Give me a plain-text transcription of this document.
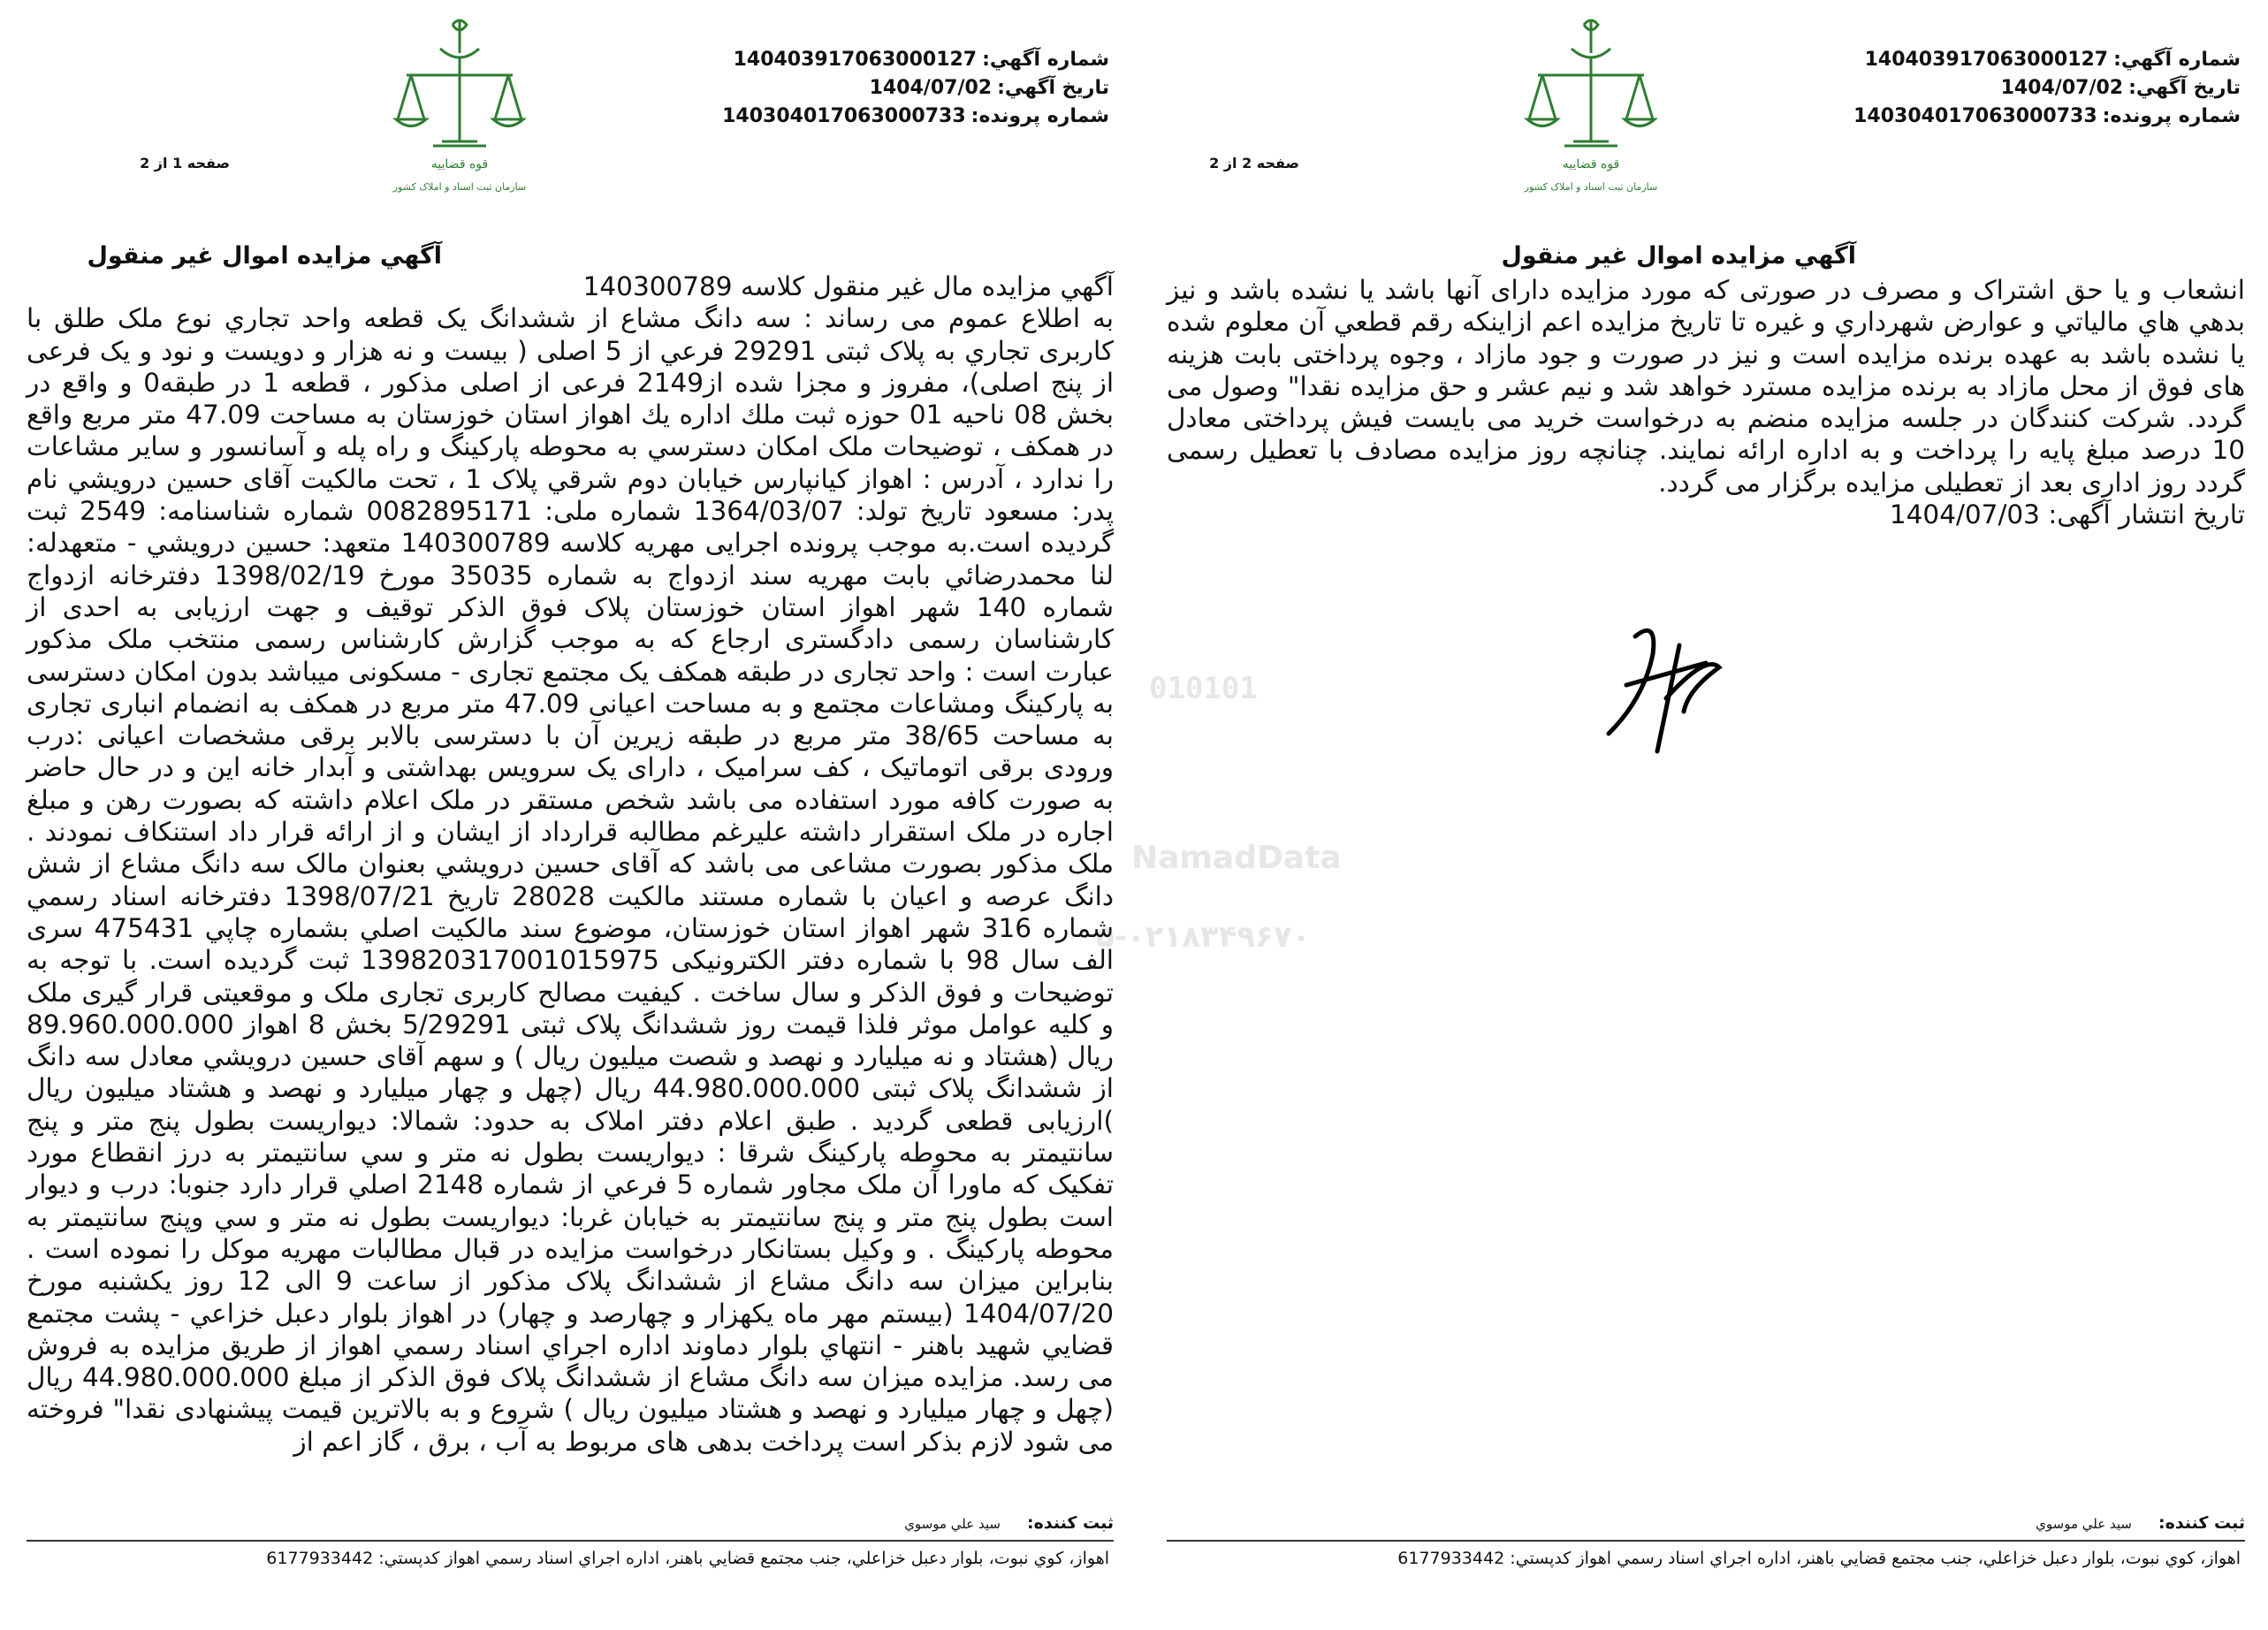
شماره آگهي:140403917063000127
تاريخ آگهي:1404/07/02
شماره پرونده:140304017063000733
قوه قضاييه
سازمان ثبت اسناد و املاک کشور
صفحه 2 از 2
آگهي مزايده اموال غير منقول

انشعاب و يا حق اشتراک و مصرف در صورتى که مورد مزايده داراى آنها باشد يا نشده باشد و نيز بدهي هاي مالياتي و عوارض شهرداري و غيره تا تاريخ مزايده اعم ازاينکه رقم قطعي آن معلوم شده يا نشده باشد به عهده برنده مزايده است و نيز در صورت و جود مازاد ، وجوه پرداختى بابت هزينه هاى فوق از محل مازاد به برنده مزايده مسترد خواهد شد و نيم عشر و حق مزايده نقدا" وصول مى گردد. شرکت کنندگان در جلسه مزايده منضم به درخواست خريد مى بايست فيش پرداختى معادل 10 درصد مبلغ پايه را پرداخت و به اداره ارائه نمايند. چنانچه روز مزايده مصادف با تعطيل رسمى گردد روز ادارى بعد از تعطيلى مزايده برگزار مى گردد.

تاريخ انتشار آگهى: 1404/07/03
ثبت کننده: سيد علي موسوي
اهواز، کوي نبوت، بلوار دعبل خزاعلي، جنب مجتمع قضايي باهنر، اداره اجراي اسناد رسمي اهواز کدپستي: 6177933442
شماره آگهي:140403917063000127
تاريخ آگهي:1404/07/02
شماره پرونده:140304017063000733
قوه قضاييه
سازمان ثبت اسناد و املاک کشور
صفحه 1 از 2
آگهي مزايده اموال غير منقول
آگهي مزايده مال غير منقول کلاسه 140300789

به اطلاع عموم مى رساند : سه دانگ مشاع از ششدانگ يک قطعه واحد تجاري نوع ملک طلق با کاربری تجاري به پلاک ثبتى 29291 فرعي از 5 اصلى ( بيست و نه هزار و دويست و نود و يک فرعى از پنج اصلى)، مفروز و مجزا شده از2149 فرعى از اصلى مذکور ، قطعه 1 در طبقه0 و واقع در بخش 08 ناحيه 01 حوزه ثبت ملك اداره يك اهواز استان خوزستان به مساحت 47.09 متر مربع واقع در همكف ، توضيحات ملک امکان دسترسي به محوطه پارکينگ و راه پله و آسانسور و ساير مشاعات را ندارد ، آدرس : اهواز كيانپارس خيابان دوم شرقي پلاک 1 ، تحت مالکيت آقاى حسين درويشي نام پدر: مسعود تاريخ تولد: 1364/03/07 شماره ملى: 0082895171 شماره شناسنامه: 2549 ثبت گرديده است.به موجب پرونده اجرايى مهريه كلاسه 140300789 متعهد: حسين درويشي - متعهدله: لنا محمدرضائي بابت مهريه سند ازدواج به شماره 35035 مورخ 1398/02/19 دفترخانه ازدواج شماره 140 شهر اهواز استان خوزستان پلاک فوق الذکر توقيف و جهت ارزيابى به احدى از کارشناسان رسمى دادگسترى ارجاع که به موجب گزارش کارشناس رسمى منتخب ملک مذکور عبارت است : واحد تجاری در طبقه همکف يک مجتمع تجاری - مسکونی ميباشد بدون امکان دسترسی به پارکينگ ومشاعات مجتمع و به مساحت اعيانی 47.09 متر مربع در همکف به انضمام انباری تجاری به مساحت 38/65 متر مربع در طبقه زيرين آن با دسترسی بالابر برقی مشخصات اعيانی :درب ورودی برقی اتوماتيک ، کف سراميک ، دارای يک سرويس بهداشتی و آبدار خانه اين و در حال حاضر به صورت کافه مورد استفاده می باشد شخص مستقر در ملک اعلام داشته که بصورت رهن و مبلغ اجاره در ملک استقرار داشته عليرغم مطالبه قرارداد از ايشان و از ارائه قرار داد استنکاف نمودند . ملک مذکور بصورت مشاعی می باشد که آقای حسين درويشي بعنوان مالک سه دانگ مشاع از شش دانگ عرصه و اعيان با شماره مستند مالکيت 28028 تاريخ 1398/07/21 دفترخانه اسناد رسمي شماره 316 شهر اهواز استان خوزستان، موضوع سند مالکيت اصلي بشماره چاپي 475431 سری الف سال 98 با شماره دفتر الکترونيکی 139820317001015975 ثبت گرديده است. با توجه به توضيحات و فوق الذکر و سال ساخت . کيفيت مصالح کاربری تجاری ملک و موقعيتی قرار گيری ملک و کليه عوامل موثر فلذا قيمت روز ششدانگ پلاک ثبتی 5/29291 بخش 8 اهواز 89.960.000.000 ريال (هشتاد و نه ميليارد و نهصد و شصت ميليون ريال ) و سهم آقای حسين درويشي معادل سه دانگ از ششدانگ پلاک ثبتی 44.980.000.000 ريال (چهل و چهار ميليارد و نهصد و هشتاد ميليون ريال )ارزيابی قطعی گرديد . طبق اعلام دفتر املاک به حدود: شمالا: ديواريست بطول پنج متر و پنج سانتيمتر به محوطه پارکينگ شرقا : ديواريست بطول نه متر و سي سانتيمتر به درز انقطاع مورد تفکيک که ماورا آن ملک مجاور شماره 5 فرعي از شماره 2148 اصلي قرار دارد جنوبا: درب و ديوار است بطول پنج متر و پنج سانتيمتر به خيابان غربا: ديواريست بطول نه متر و سي وپنج سانتيمتر به محوطه پارکينگ . و وکيل بستانکار درخواست مزايده در قبال مطالبات مهريه موکل را نموده است . بنابراين ميزان سه دانگ مشاع از ششدانگ پلاک مذکور از ساعت 9 الى 12 روز يکشنبه مورخ 1404/07/20 (بيستم مهر ماه يکهزار و چهارصد و چهار) در اهواز بلوار دعبل خزاعي - پشت مجتمع قضايي شهيد باهنر - انتهاي بلوار دماوند اداره اجراي اسناد رسمي اهواز از طريق مزايده به فروش مى رسد. مزايده ميزان سه دانگ مشاع از ششدانگ پلاک فوق الذکر از مبلغ 44.980.000.000 ريال (چهل و چهار ميليارد و نهصد و هشتاد ميليون ريال ) شروع و به بالاترين قيمت پيشنهادى نقدا" فروخته مى شود لازم بذکر است پرداخت بدهى هاى مربوط به آب ، برق ، گاز اعم از

ثبت کننده: سيد علي موسوي
اهواز، کوي نبوت، بلوار دعبل خزاعلي، جنب مجتمع قضايي باهنر، اداره اجراي اسناد رسمي اهواز کدپستي: 6177933442
010101
NamadData
۵-۰۲۱۸۳۴۹۶۷۰
